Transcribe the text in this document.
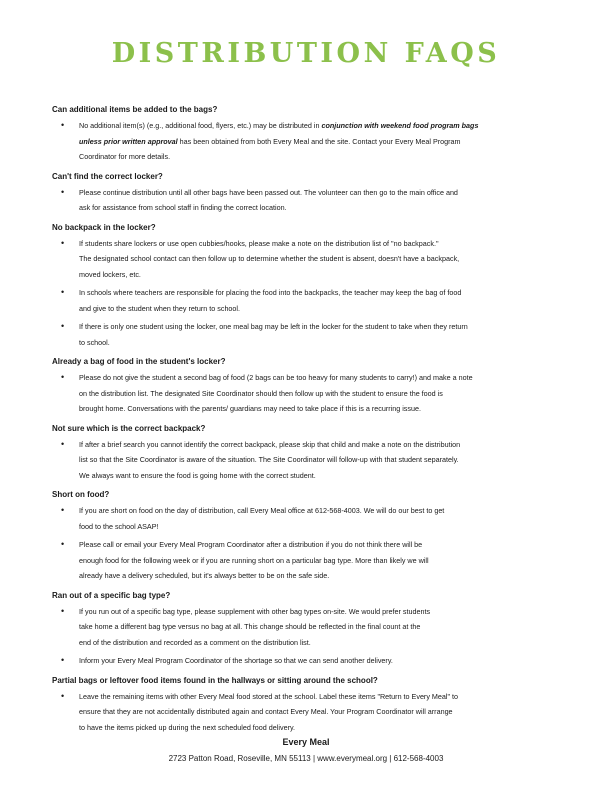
DISTRIBUTION FAQS
Can additional items be added to the bags?
• No additional item(s) (e.g., additional food, flyers, etc.) may be distributed in conjunction with weekend food program bags
unless prior written approval has been obtained from both Every Meal and the site. Contact your Every Meal Program
Coordinator for more details.
Can't find the correct locker?
• Please continue distribution until all other bags have been passed out. The volunteer can then go to the main office and
ask for assistance from school staff in finding the correct location.
No backpack in the locker?
• If students share lockers or use open cubbies/hooks, please make a note on the distribution list of "no backpack."
The designated school contact can then follow up to determine whether the student is absent, doesn't have a backpack,
moved lockers, etc.
• In schools where teachers are responsible for placing the food into the backpacks, the teacher may keep the bag of food
and give to the student when they return to school.
• If there is only one student using the locker, one meal bag may be left in the locker for the student to take when they return
to school.
Already a bag of food in the student's locker?
• Please do not give the student a second bag of food (2 bags can be too heavy for many students to carry!) and make a note
on the distribution list. The designated Site Coordinator should then follow up with the student to ensure the food is
brought home. Conversations with the parents/ guardians may need to take place if this is a recurring issue.
Not sure which is the correct backpack?
• If after a brief search you cannot identify the correct backpack, please skip that child and make a note on the distribution
list so that the Site Coordinator is aware of the situation. The Site Coordinator will follow-up with that student separately.
We always want to ensure the food is going home with the correct student.
Short on food?
• If you are short on food on the day of distribution, call Every Meal office at 612-568-4003. We will do our best to get
food to the school ASAP!
• Please call or email your Every Meal Program Coordinator after a distribution if you do not think there will be
enough food for the following week or if you are running short on a particular bag type. More than likely we will
already have a delivery scheduled, but it's always better to be on the safe side.
Ran out of a specific bag type?
• If you run out of a specific bag type, please supplement with other bag types on-site. We would prefer students
take home a different bag type versus no bag at all. This change should be reflected in the final count at the
end of the distribution and recorded as a comment on the distribution list.
• Inform your Every Meal Program Coordinator of the shortage so that we can send another delivery.
Partial bags or leftover food items found in the hallways or sitting around the school?
• Leave the remaining items with other Every Meal food stored at the school. Label these items "Return to Every Meal" to
ensure that they are not accidentally distributed again and contact Every Meal. Your Program Coordinator will arrange
to have the items picked up during the next scheduled food delivery.
Every Meal
2723 Patton Road, Roseville, MN 55113 | www.everymeal.org | 612-568-4003
